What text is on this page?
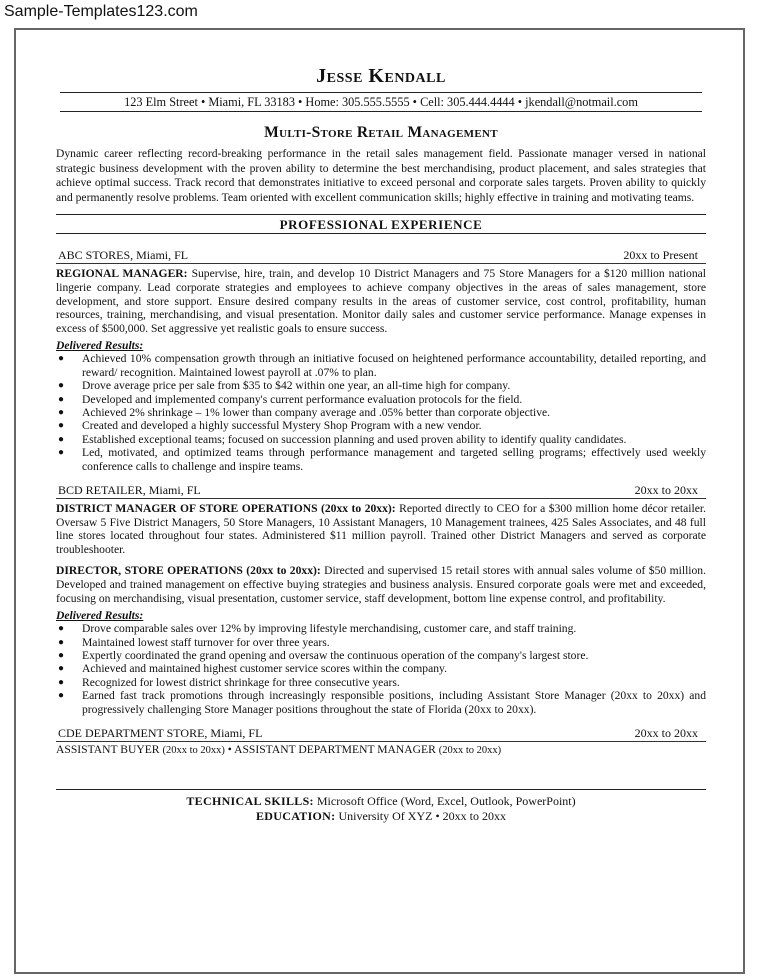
Sample-Templates123.com
Jesse Kendall
123 Elm Street • Miami, FL 33183 • Home: 305.555.5555 • Cell: 305.444.4444 • jkendall@notmail.com
Multi-Store Retail Management

Dynamic career reflecting record-breaking performance in the retail sales management field. Passionate manager versed in national strategic business development with the proven ability to determine the best merchandising, product placement, and sales strategies that achieve optimal success. Track record that demonstrates initiative to exceed personal and corporate sales targets. Proven ability to quickly and permanently resolve problems. Team oriented with excellent communication skills; highly effective in training and motivating teams.

PROFESSIONAL EXPERIENCE
ABC STORES, Miami, FL	20xx to Present

REGIONAL MANAGER: Supervise, hire, train, and develop 10 District Managers and 75 Store Managers for a $120 million national lingerie company. Lead corporate strategies and employees to achieve company objectives in the areas of sales management, store development, and store support. Ensure desired company results in the areas of customer service, cost control, profitability, human resources, training, merchandising, and visual presentation. Monitor daily sales and customer service performance. Manage expenses in excess of $500,000. Set aggressive yet realistic goals to ensure success.

Delivered Results:
● Achieved 10% compensation growth through an initiative focused on heightened performance accountability, detailed reporting, and reward/ recognition. Maintained lowest payroll at .07% to plan.
● Drove average price per sale from $35 to $42 within one year, an all-time high for company.
● Developed and implemented company's current performance evaluation protocols for the field.
● Achieved 2% shrinkage – 1% lower than company average and .05% better than corporate objective.
● Created and developed a highly successful Mystery Shop Program with a new vendor.
● Established exceptional teams; focused on succession planning and used proven ability to identify quality candidates.
● Led, motivated, and optimized teams through performance management and targeted selling programs; effectively used weekly conference calls to challenge and inspire teams.
BCD RETAILER, Miami, FL	20xx to 20xx

DISTRICT MANAGER OF STORE OPERATIONS (20xx to 20xx): Reported directly to CEO for a $300 million home décor retailer. Oversaw 5 Five District Managers, 50 Store Managers, 10 Assistant Managers, 10 Management trainees, 425 Sales Associates, and 48 full line stores located throughout four states. Administered $11 million payroll. Trained other District Managers and served as corporate troubleshooter.

DIRECTOR, STORE OPERATIONS (20xx to 20xx): Directed and supervised 15 retail stores with annual sales volume of $50 million. Developed and trained management on effective buying strategies and business analysis. Ensured corporate goals were met and exceeded, focusing on merchandising, visual presentation, customer service, staff development, bottom line expense control, and profitability.

Delivered Results:
● Drove comparable sales over 12% by improving lifestyle merchandising, customer care, and staff training.
● Maintained lowest staff turnover for over three years.
● Expertly coordinated the grand opening and oversaw the continuous operation of the company's largest store.
● Achieved and maintained highest customer service scores within the company.
● Recognized for lowest district shrinkage for three consecutive years.
● Earned fast track promotions through increasingly responsible positions, including Assistant Store Manager (20xx to 20xx) and progressively challenging Store Manager positions throughout the state of Florida (20xx to 20xx).
CDE DEPARTMENT STORE, Miami, FL	20xx to 20xx
ASSISTANT BUYER (20xx to 20xx) • ASSISTANT DEPARTMENT MANAGER (20xx to 20xx)
TECHNICAL SKILLS: Microsoft Office (Word, Excel, Outlook, PowerPoint)
EDUCATION: University Of XYZ • 20xx to 20xx
